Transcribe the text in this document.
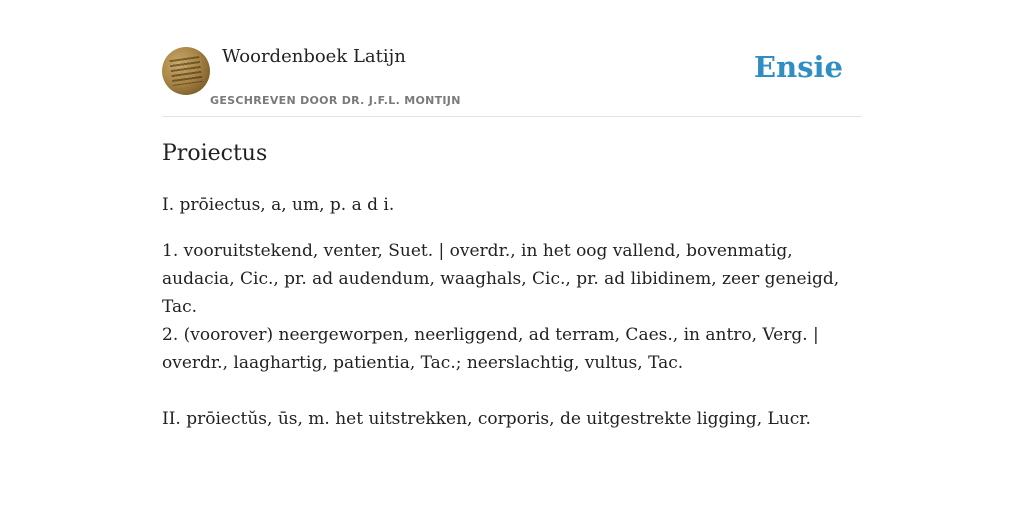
Woordenboek Latijn
GESCHREVEN DOOR DR. J.F.L. MONTIJN
Ensie
Proiectus
I. prōiectus, a, um, p. a d i.

1. vooruitstekend, venter, Suet. | overdr., in het oog vallend, bovenmatig, audacia, Cic., pr. ad audendum, waaghals, Cic., pr. ad libidinem, zeer geneigd, Tac.

2. (voorover) neergeworpen, neerliggend, ad terram, Caes., in antro, Verg. | overdr., laaghartig, patientia, Tac.; neerslachtig, vultus, Tac.

II. prōiectŭs, ūs, m. het uitstrekken, corporis, de uitgestrekte ligging, Lucr.
